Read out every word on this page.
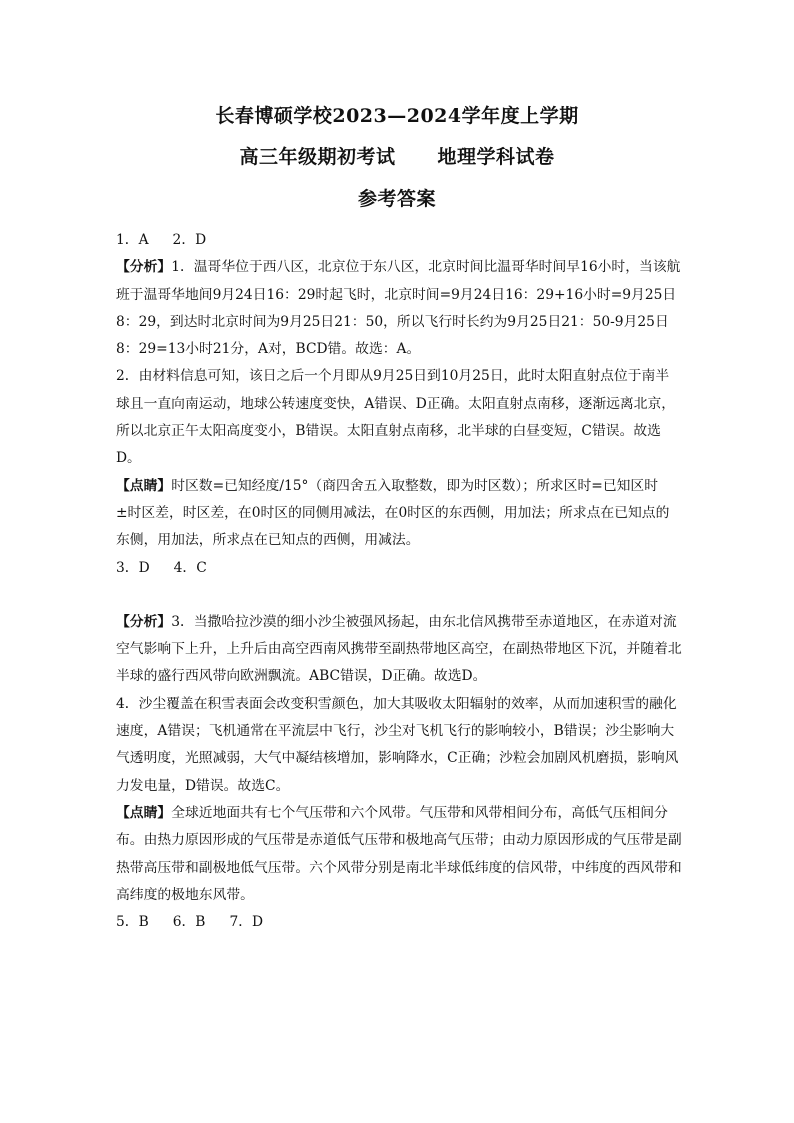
长春博硕学校2023—2024学年度上学期
高三年级期初考试 地理学科试卷
参考答案

1．A 2．D

【分析】1．温哥华位于西八区，北京位于东八区，北京时间比温哥华时间早16小时，当该航班于温哥华地间9月24日16：29时起飞时，北京时间=9月24日16：29+16小时=9月25日8：29，到达时北京时间为9月25日21：50，所以飞行时长约为9月25日21：50-9月25日8：29=13小时21分，A对，BCD错。故选：A。

2．由材料信息可知，该日之后一个月即从9月25日到10月25日，此时太阳直射点位于南半球且一直向南运动，地球公转速度变快，A错误、D正确。太阳直射点南移，逐渐远离北京，所以北京正午太阳高度变小，B错误。太阳直射点南移，北半球的白昼变短，C错误。故选D。

【点睛】时区数=已知经度/15°（商四舍五入取整数，即为时区数）；所求区时=已知区时±时区差，时区差，在0时区的同侧用减法，在0时区的东西侧，用加法；所求点在已知点的东侧，用加法，所求点在已知点的西侧，用减法。

3．D 4．C

【分析】3．当撒哈拉沙漠的细小沙尘被强风扬起，由东北信风携带至赤道地区，在赤道对流空气影响下上升，上升后由高空西南风携带至副热带地区高空，在副热带地区下沉，并随着北半球的盛行西风带向欧洲飘流。ABC错误，D正确。故选D。

4．沙尘覆盖在积雪表面会改变积雪颜色，加大其吸收太阳辐射的效率，从而加速积雪的融化速度，A错误；飞机通常在平流层中飞行，沙尘对飞机飞行的影响较小，B错误；沙尘影响大气透明度，光照减弱，大气中凝结核增加，影响降水，C正确；沙粒会加剧风机磨损，影响风力发电量，D错误。故选C。

【点睛】全球近地面共有七个气压带和六个风带。气压带和风带相间分布，高低气压相间分布。由热力原因形成的气压带是赤道低气压带和极地高气压带；由动力原因形成的气压带是副热带高压带和副极地低气压带。六个风带分别是南北半球低纬度的信风带，中纬度的西风带和高纬度的极地东风带。

5．B 6．B 7．D
